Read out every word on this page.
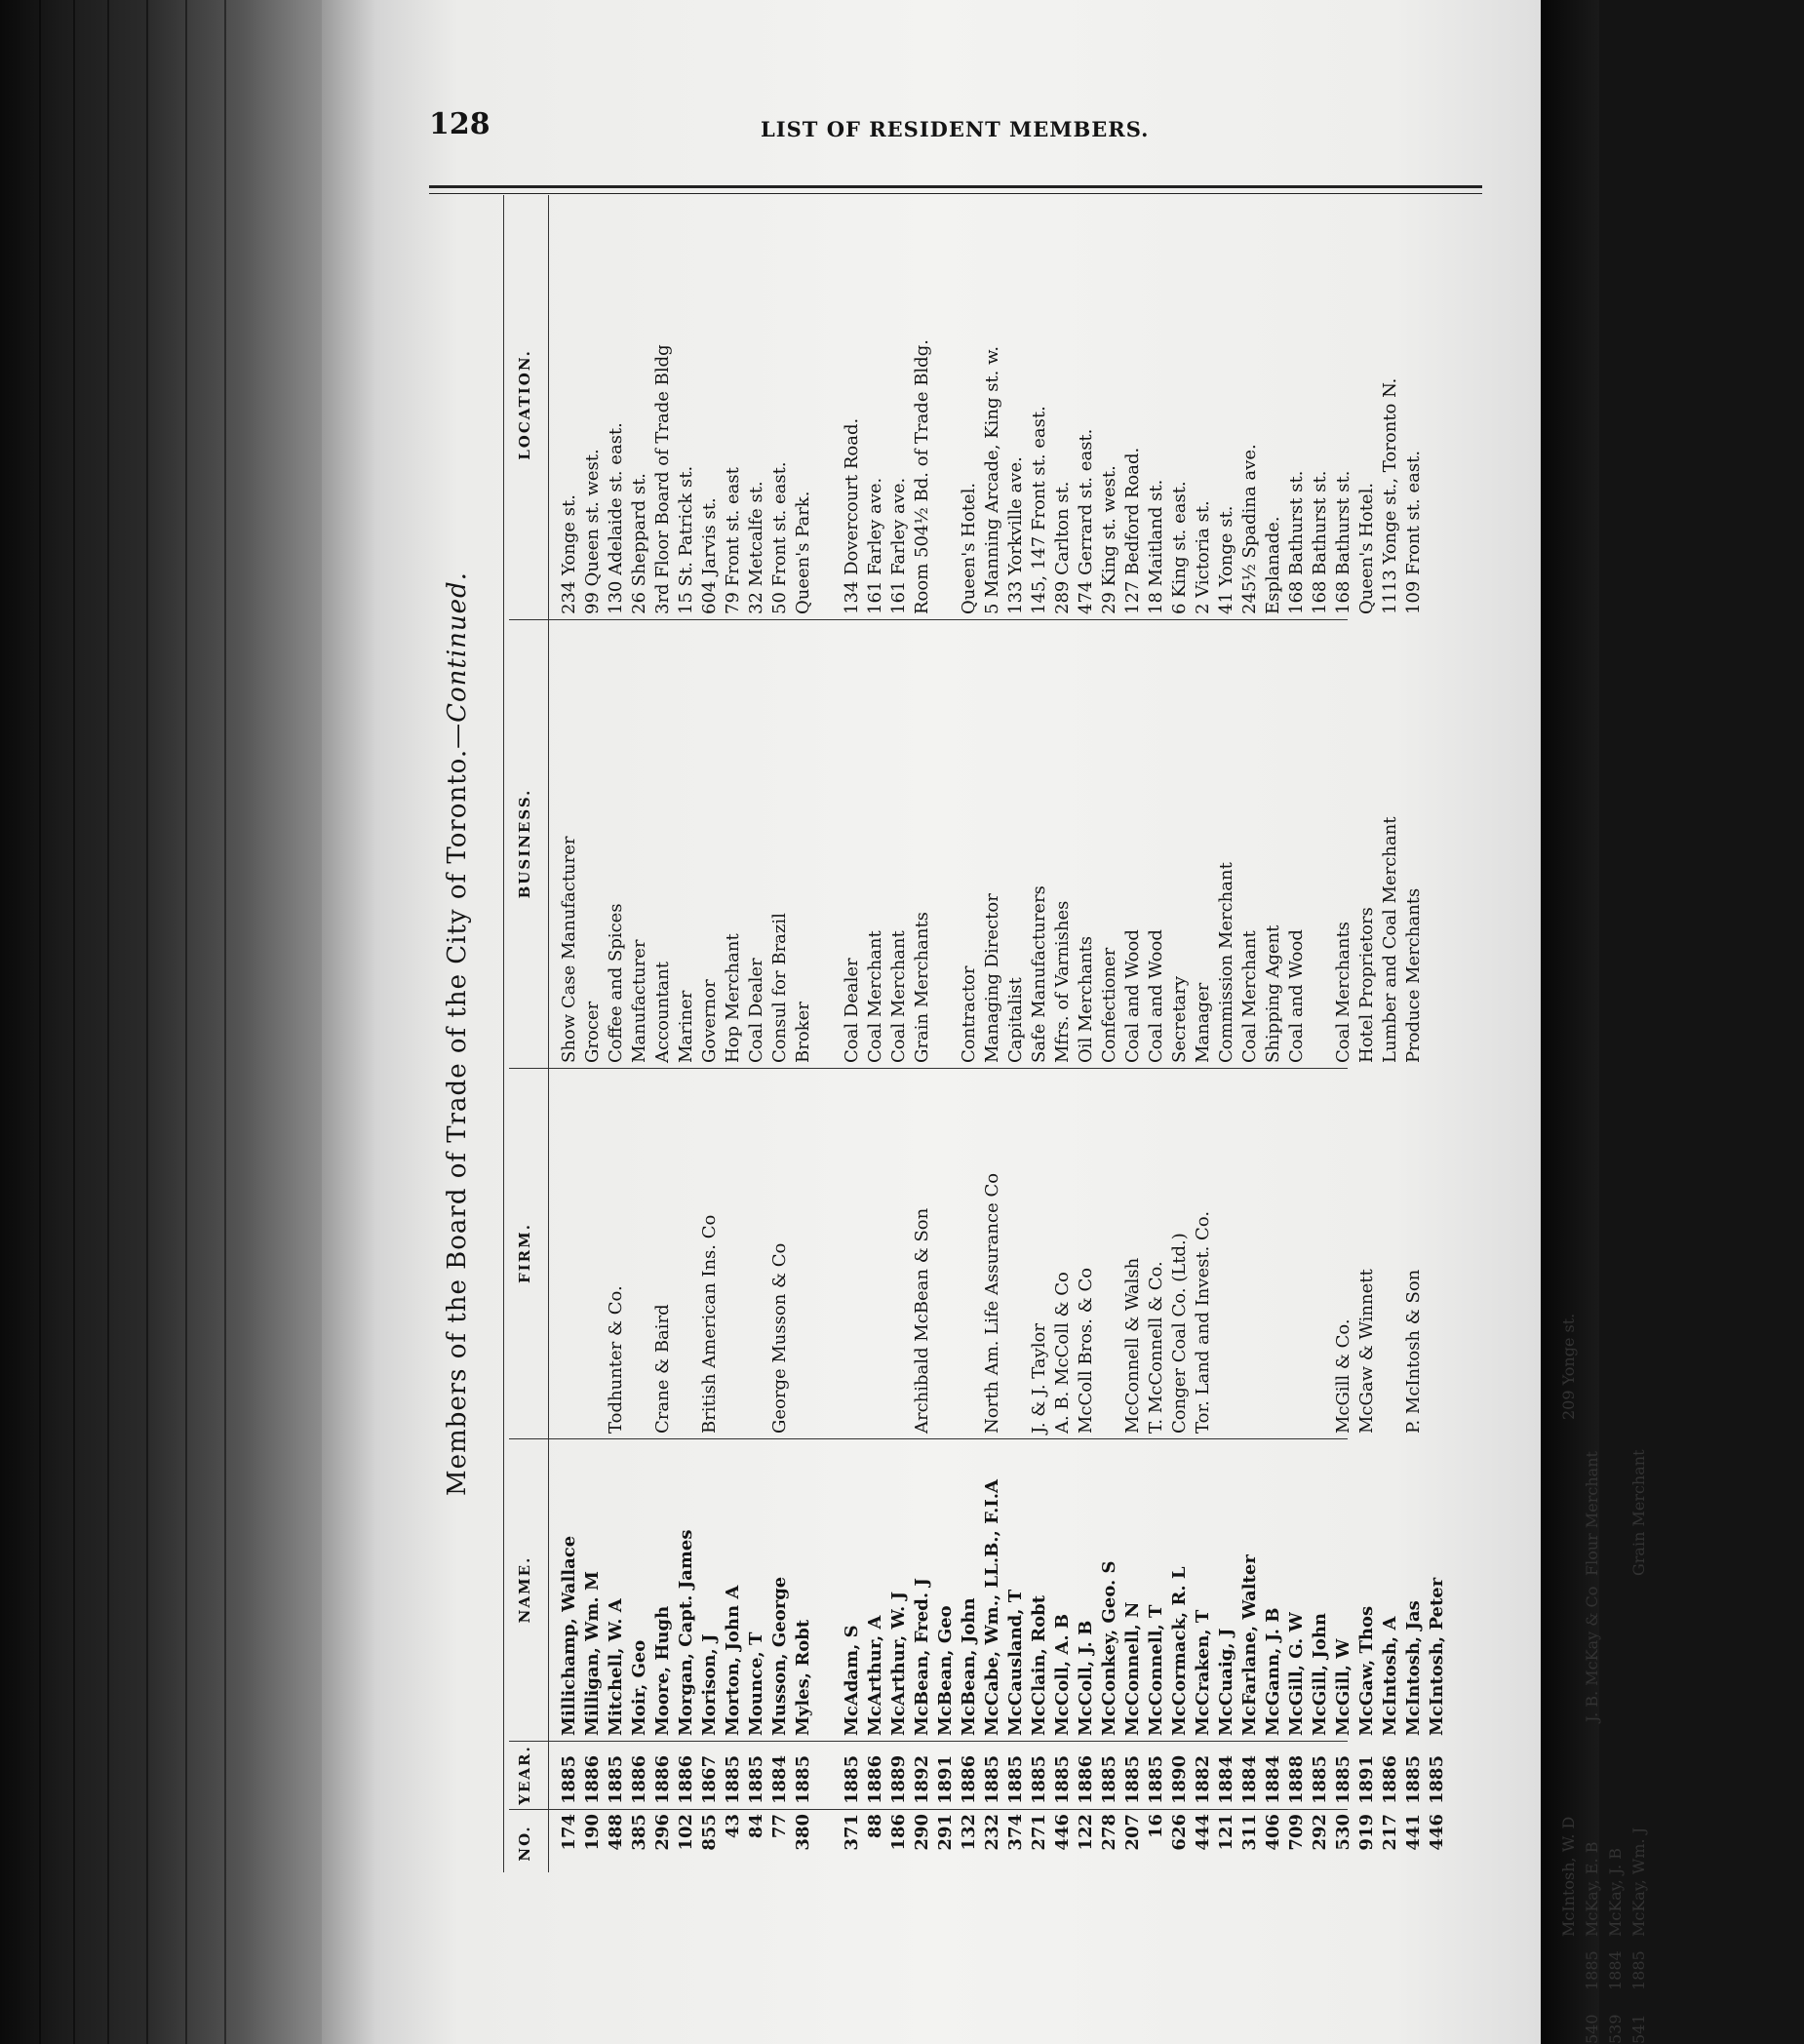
128	LIST OF RESIDENT MEMBERS.
Members of the Board of Trade of the City of Toronto.—Continued.
NO.
YEAR.
NAME.
FIRM.
BUSINESS.
LOCATION.
174
1885
Millichamp, Wallace
Show Case Manufacturer
234 Yonge st.
190
1886
Milligan, Wm. M
Grocer
99 Queen st. west.
488
1885
Mitchell, W. A
Todhunter & Co.
Coffee and Spices
130 Adelaide st. east.
385
1886
Moir, Geo
Manufacturer
26 Sheppard st.
296
1886
Moore, Hugh
Crane & Baird
Accountant
3rd Floor Board of Trade Bldg
102
1886
Morgan, Capt. James
Mariner
15 St. Patrick st.
855
1867
Morison, J
British American Ins. Co
Governor
604 Jarvis st.
43
1885
Morton, John A
Hop Merchant
79 Front st. east
84
1885
Mounce, T
Coal Dealer
32 Metcalfe st.
77
1884
Musson, George
George Musson & Co
Consul for Brazil
50 Front st. east.
380
1885
Myles, Robt
Broker
Queen's Park.
371
1885
McAdam, S
Coal Dealer
134 Dovercourt Road.
88
1886
McArthur, A
Coal Merchant
161 Farley ave.
186
1889
McArthur, W. J
Coal Merchant
161 Farley ave.
290
1892
McBean, Fred. J
Archibald McBean & Son
Grain Merchants
Room 504½ Bd. of Trade Bldg.
291
1891
McBean, Geo
132
1886
McBean, John
Contractor
Queen's Hotel.
232
1885
McCabe, Wm., LL.B., F.I.A
North Am. Life Assurance Co
Managing Director
5 Manning Arcade, King st. w.
374
1885
McCausland, T
Capitalist
133 Yorkville ave.
271
1885
McClain, Robt
J. & J. Taylor
Safe Manufacturers
145, 147 Front st. east.
446
1885
McColl, A. B
A. B. McColl & Co
Mfrs. of Varnishes
289 Carlton st.
122
1886
McColl, J. B
McColl Bros. & Co
Oil Merchants
474 Gerrard st. east.
278
1885
McConkey, Geo. S
Confectioner
29 King st. west.
207
1885
McConnell, N
McConnell & Walsh
Coal and Wood
127 Bedford Road.
16
1885
McConnell, T
T. McConnell & Co.
Coal and Wood
18 Maitland st.
626
1890
McCormack, R. L
Conger Coal Co. (Ltd.)
Secretary
6 King st. east.
444
1882
McCraken, T
Tor. Land and Invest. Co.
Manager
2 Victoria st.
121
1884
McCuaig, J
Commission Merchant
41 Yonge st.
311
1884
McFarlane, Walter
Coal Merchant
245½ Spadina ave.
406
1884
McGann, J. B
Shipping Agent
Esplanade.
709
1888
McGill, G. W
Coal and Wood
168 Bathurst st.
292
1885
McGill, John
168 Bathurst st.
530
1885
McGill, W
McGill & Co.
Coal Merchants
168 Bathurst st.
919
1891
McGaw, Thos
McGaw & Winnett
Hotel Proprietors
Queen's Hotel.
217
1886
McIntosh, A
Lumber and Coal Merchant
1113 Yonge st., Toronto N.
441
1885
McIntosh, Jas
P. McIntosh & Son
Produce Merchants
109 Front st. east.
446
1885
McIntosh, Peter
McIntosh, W. D
209 Yonge st.
540
1885
McKay, E. B
J. B. McKay & Co
Flour Merchant
539
1884
McKay, J. B
541
1885
McKay, Wm. J
Grain Merchant
